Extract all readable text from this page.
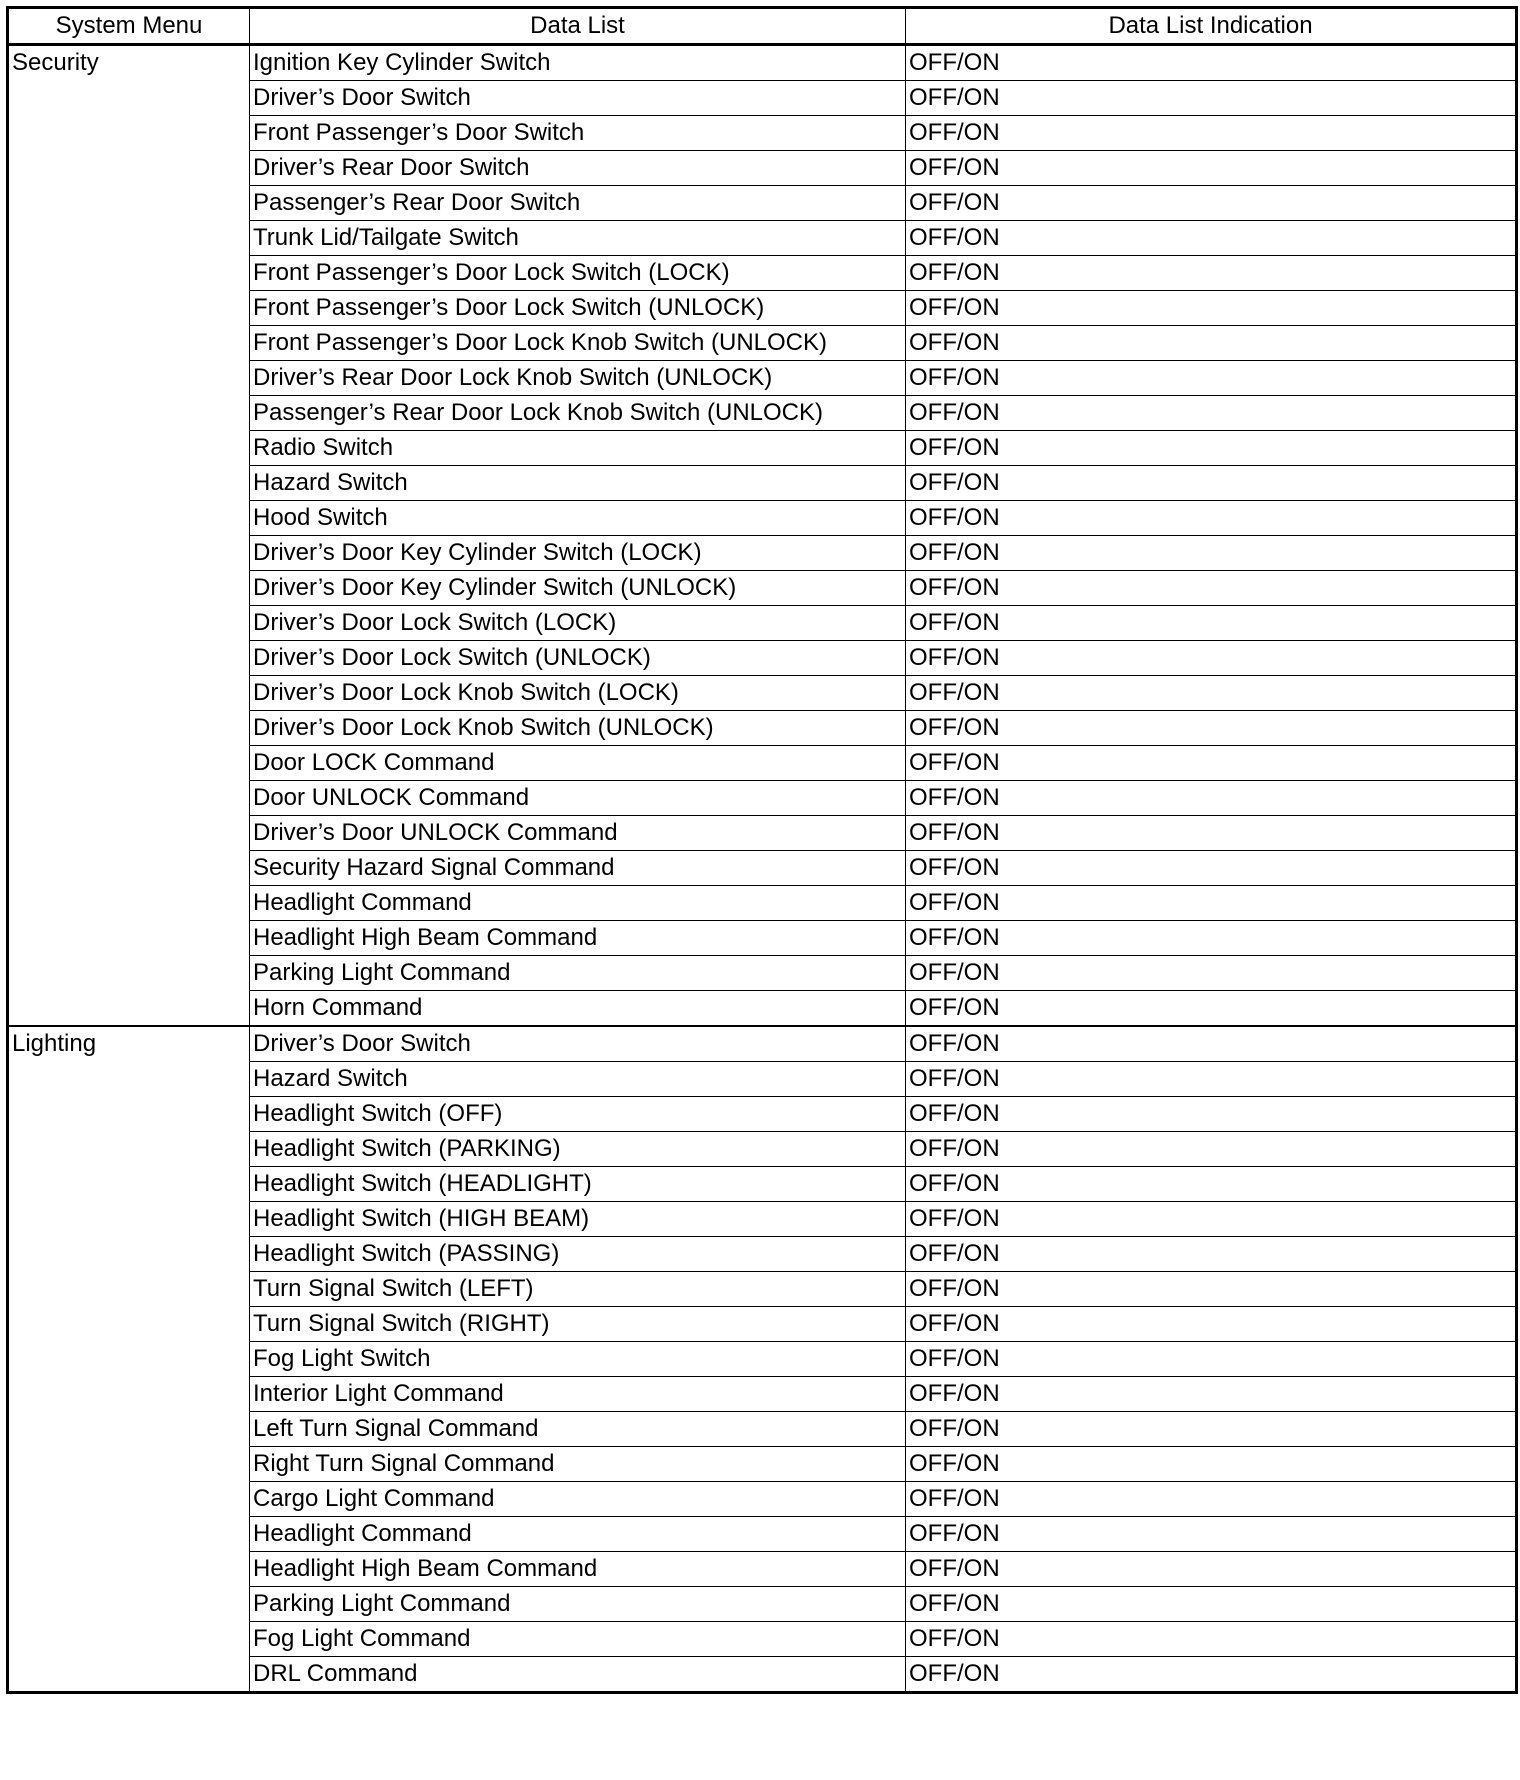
System Menu	Data List	Data List Indication
Security	Ignition Key Cylinder Switch	OFF/ON
	Driver’s Door Switch	OFF/ON
	Front Passenger’s Door Switch	OFF/ON
	Driver’s Rear Door Switch	OFF/ON
	Passenger’s Rear Door Switch	OFF/ON
	Trunk Lid/Tailgate Switch	OFF/ON
	Front Passenger’s Door Lock Switch (LOCK)	OFF/ON
	Front Passenger’s Door Lock Switch (UNLOCK)	OFF/ON
	Front Passenger’s Door Lock Knob Switch (UNLOCK)	OFF/ON
	Driver’s Rear Door Lock Knob Switch (UNLOCK)	OFF/ON
	Passenger’s Rear Door Lock Knob Switch (UNLOCK)	OFF/ON
	Radio Switch	OFF/ON
	Hazard Switch	OFF/ON
	Hood Switch	OFF/ON
	Driver’s Door Key Cylinder Switch (LOCK)	OFF/ON
	Driver’s Door Key Cylinder Switch (UNLOCK)	OFF/ON
	Driver’s Door Lock Switch (LOCK)	OFF/ON
	Driver’s Door Lock Switch (UNLOCK)	OFF/ON
	Driver’s Door Lock Knob Switch (LOCK)	OFF/ON
	Driver’s Door Lock Knob Switch (UNLOCK)	OFF/ON
	Door LOCK Command	OFF/ON
	Door UNLOCK Command	OFF/ON
	Driver’s Door UNLOCK Command	OFF/ON
	Security Hazard Signal Command	OFF/ON
	Headlight Command	OFF/ON
	Headlight High Beam Command	OFF/ON
	Parking Light Command	OFF/ON
	Horn Command	OFF/ON
Lighting	Driver’s Door Switch	OFF/ON
	Hazard Switch	OFF/ON
	Headlight Switch (OFF)	OFF/ON
	Headlight Switch (PARKING)	OFF/ON
	Headlight Switch (HEADLIGHT)	OFF/ON
	Headlight Switch (HIGH BEAM)	OFF/ON
	Headlight Switch (PASSING)	OFF/ON
	Turn Signal Switch (LEFT)	OFF/ON
	Turn Signal Switch (RIGHT)	OFF/ON
	Fog Light Switch	OFF/ON
	Interior Light Command	OFF/ON
	Left Turn Signal Command	OFF/ON
	Right Turn Signal Command	OFF/ON
	Cargo Light Command	OFF/ON
	Headlight Command	OFF/ON
	Headlight High Beam Command	OFF/ON
	Parking Light Command	OFF/ON
	Fog Light Command	OFF/ON
	DRL Command	OFF/ON
